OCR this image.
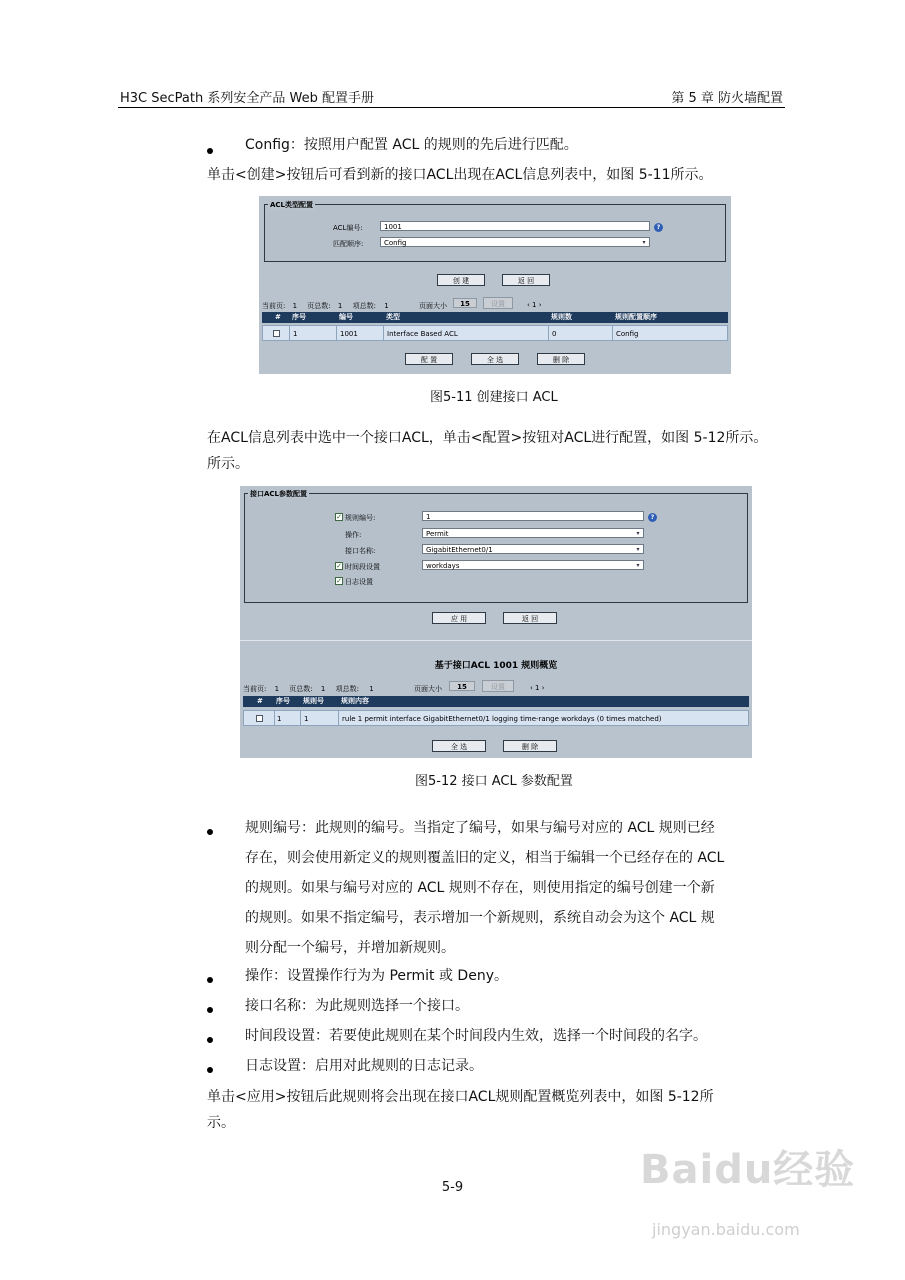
H3C SecPath 系列安全产品 Web 配置手册	第 5 章 防火墙配置
Config：按照用户配置 ACL 的规则的先后进行匹配。
单击<创建>按钮后可看到新的接口ACL出现在ACL信息列表中，如图 5-11所示。
ACL类型配置
ACL编号:	1001	?
匹配顺序:	Config	▾
创 建	返 回
当前页: 1 页总数: 1 项总数: 1	页面大小	15	设置	‹ 1 ›
# 序号	编号	类型	规则数	规则配置顺序
1	1001	Interface Based ACL	0	Config
配 置	全 选	删 除
图5-11 创建接口 ACL
在ACL信息列表中选中一个接口ACL，单击<配置>按钮对ACL进行配置，如图 5-12所示。
所示。
接口ACL参数配置
✓ 规则编号:	1	?
操作:	Permit	▾
接口名称:	GigabitEthernet0/1	▾
✓ 时间段设置	workdays	▾
✓ 日志设置
应 用	返 回
基于接口ACL 1001 规则概览
当前页: 1 页总数: 1 项总数: 1	页面大小	15	设置	‹ 1 ›
# 序号 规则号 规则内容
1	1	rule 1 permit interface GigabitEthernet0/1 logging time-range workdays (0 times matched)
全 选	删 除
图5-12 接口 ACL 参数配置
规则编号：此规则的编号。当指定了编号，如果与编号对应的 ACL 规则已经
存在，则会使用新定义的规则覆盖旧的定义，相当于编辑一个已经存在的 ACL
的规则。如果与编号对应的 ACL 规则不存在，则使用指定的编号创建一个新
的规则。如果不指定编号，表示增加一个新规则，系统自动会为这个 ACL 规
则分配一个编号，并增加新规则。
操作：设置操作行为为 Permit 或 Deny。
接口名称：为此规则选择一个接口。
时间段设置：若要使此规则在某个时间段内生效，选择一个时间段的名字。
日志设置：启用对此规则的日志记录。
单击<应用>按钮后此规则将会出现在接口ACL规则配置概览列表中，如图 5-12所
示。
5-9	Baidu经验
jingyan.baidu.com
